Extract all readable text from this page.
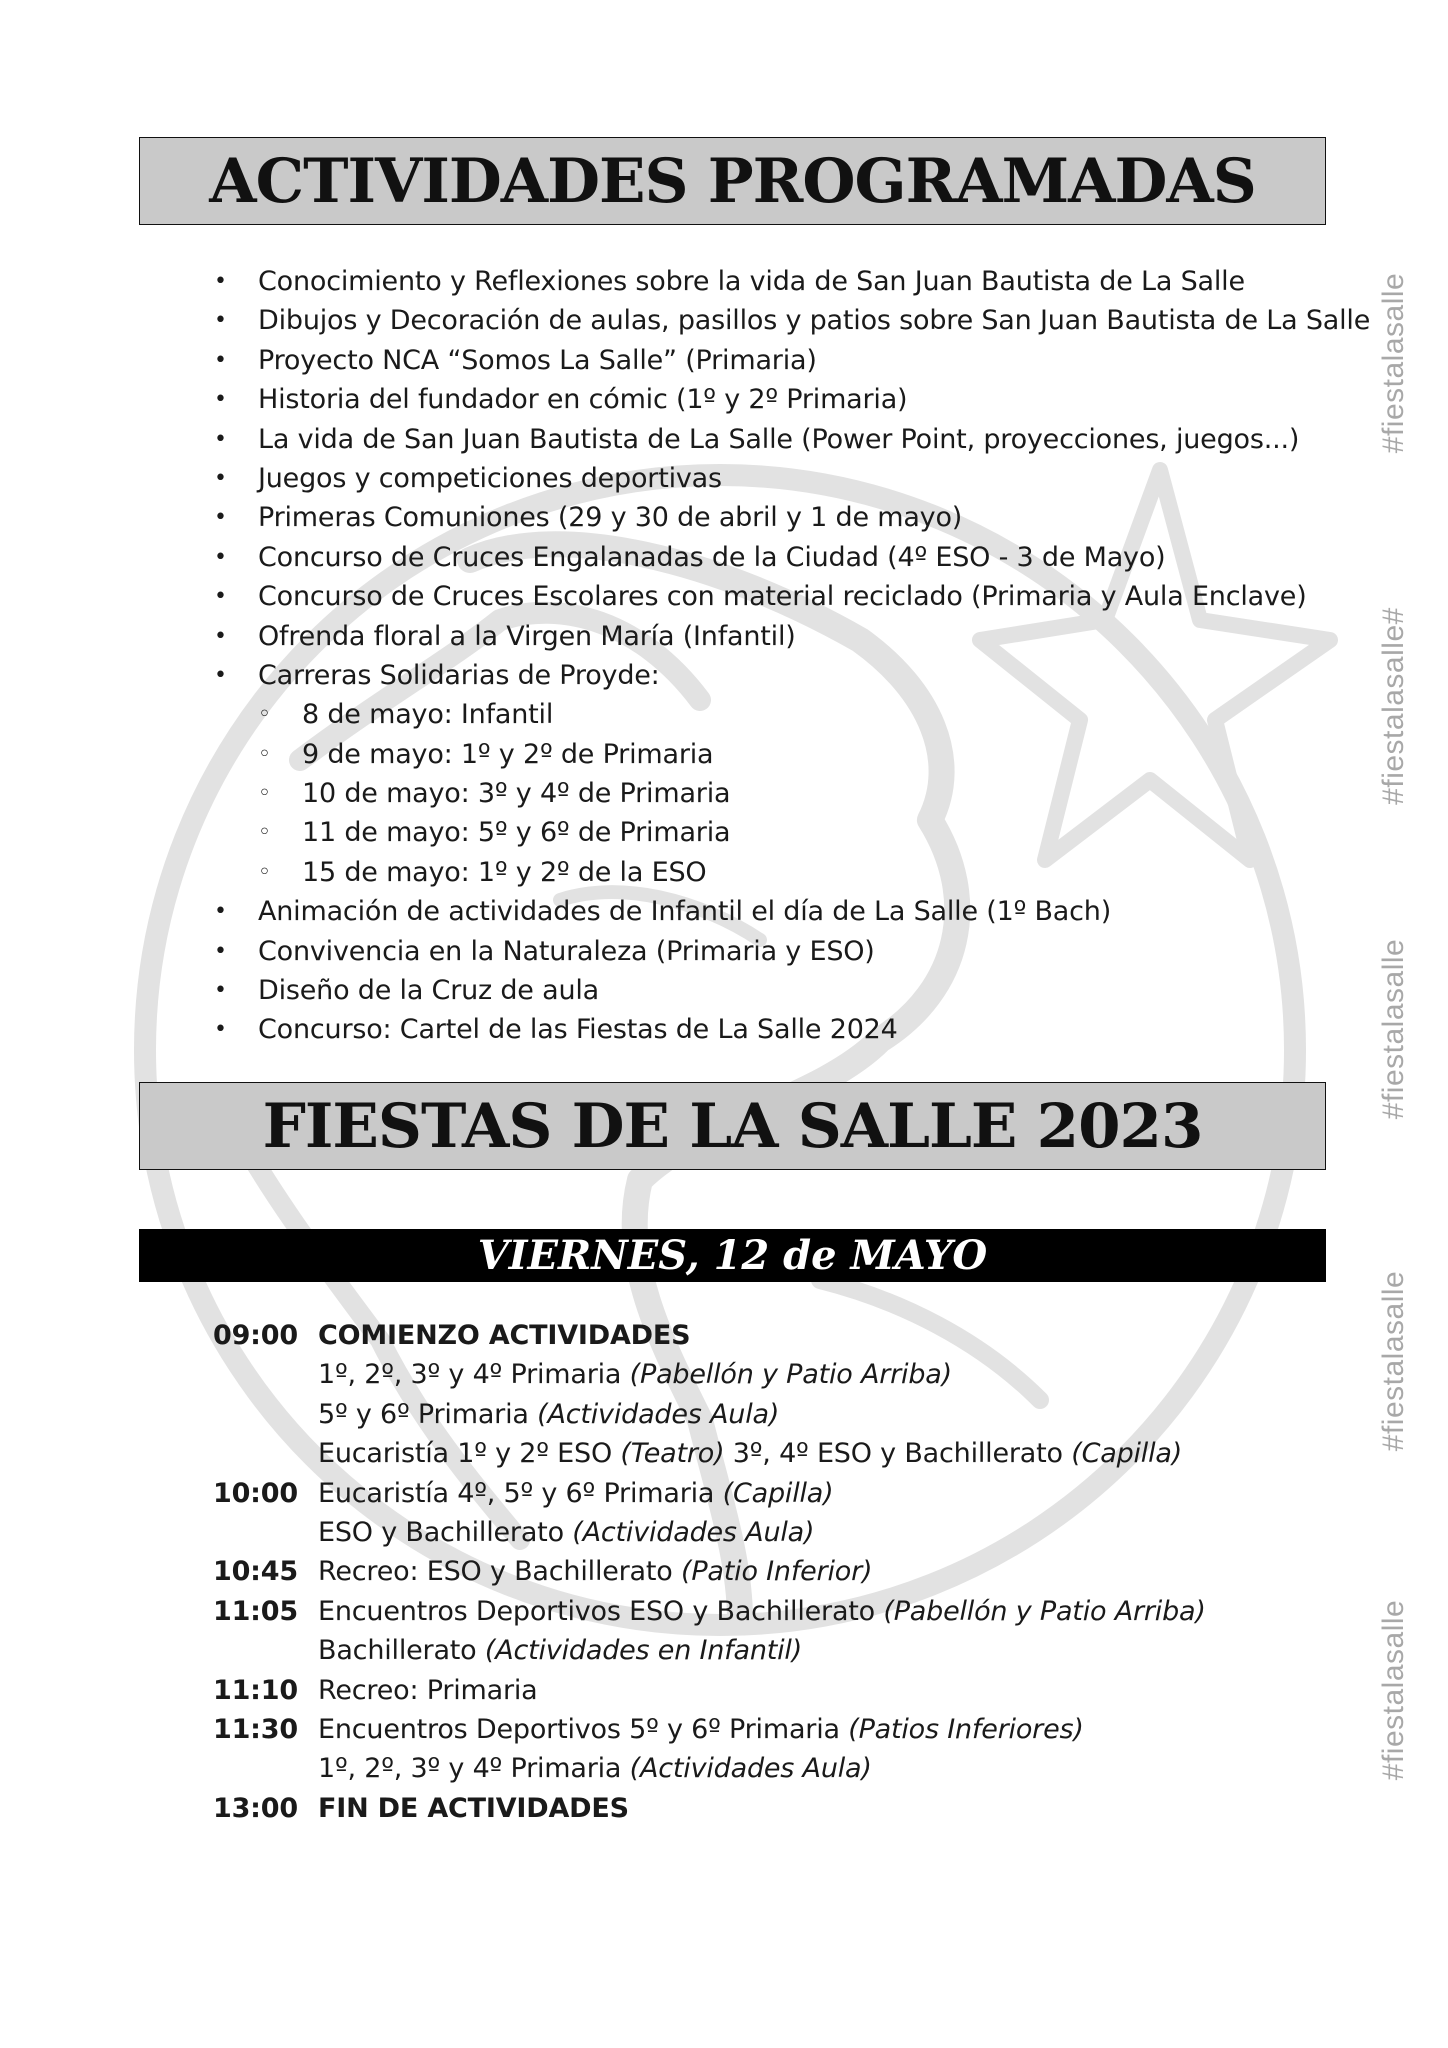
#fiestalasalle
#fiestalasalle#
#fiestalasalle
#fiestalasalle
#fiestalasalle
ACTIVIDADES PROGRAMADAS
• Conocimiento y Reflexiones sobre la vida de San Juan Bautista de La Salle
• Dibujos y Decoración de aulas, pasillos y patios sobre San Juan Bautista de La Salle
• Proyecto NCA “Somos La Salle” (Primaria)
• Historia del fundador en cómic (1º y 2º Primaria)
• La vida de San Juan Bautista de La Salle (Power Point, proyecciones, juegos...)
• Juegos y competiciones deportivas
• Primeras Comuniones (29 y 30 de abril y 1 de mayo)
• Concurso de Cruces Engalanadas de la Ciudad (4º ESO - 3 de Mayo)
• Concurso de Cruces Escolares con material reciclado (Primaria y Aula Enclave)
• Ofrenda floral a la Virgen María (Infantil)
• Carreras Solidarias de Proyde:
◦ 8 de mayo: Infantil
◦ 9 de mayo: 1º y 2º de Primaria
◦ 10 de mayo: 3º y 4º de Primaria
◦ 11 de mayo: 5º y 6º de Primaria
◦ 15 de mayo: 1º y 2º de la ESO
• Animación de actividades de Infantil el día de La Salle (1º Bach)
• Convivencia en la Naturaleza (Primaria y ESO)
• Diseño de la Cruz de aula
• Concurso: Cartel de las Fiestas de La Salle 2024
FIESTAS DE LA SALLE 2023
VIERNES, 12 de MAYO
09:00 COMIENZO ACTIVIDADES
1º, 2º, 3º y 4º Primaria (Pabellón y Patio Arriba)
5º y 6º Primaria (Actividades Aula)
Eucaristía 1º y 2º ESO (Teatro) 3º, 4º ESO y Bachillerato (Capilla)
10:00 Eucaristía 4º, 5º y 6º Primaria (Capilla)
ESO y Bachillerato (Actividades Aula)
10:45 Recreo: ESO y Bachillerato (Patio Inferior)
11:05 Encuentros Deportivos ESO y Bachillerato (Pabellón y Patio Arriba)
Bachillerato (Actividades en Infantil)
11:10 Recreo: Primaria
11:30 Encuentros Deportivos 5º y 6º Primaria (Patios Inferiores)
1º, 2º, 3º y 4º Primaria (Actividades Aula)
13:00 FIN DE ACTIVIDADES
